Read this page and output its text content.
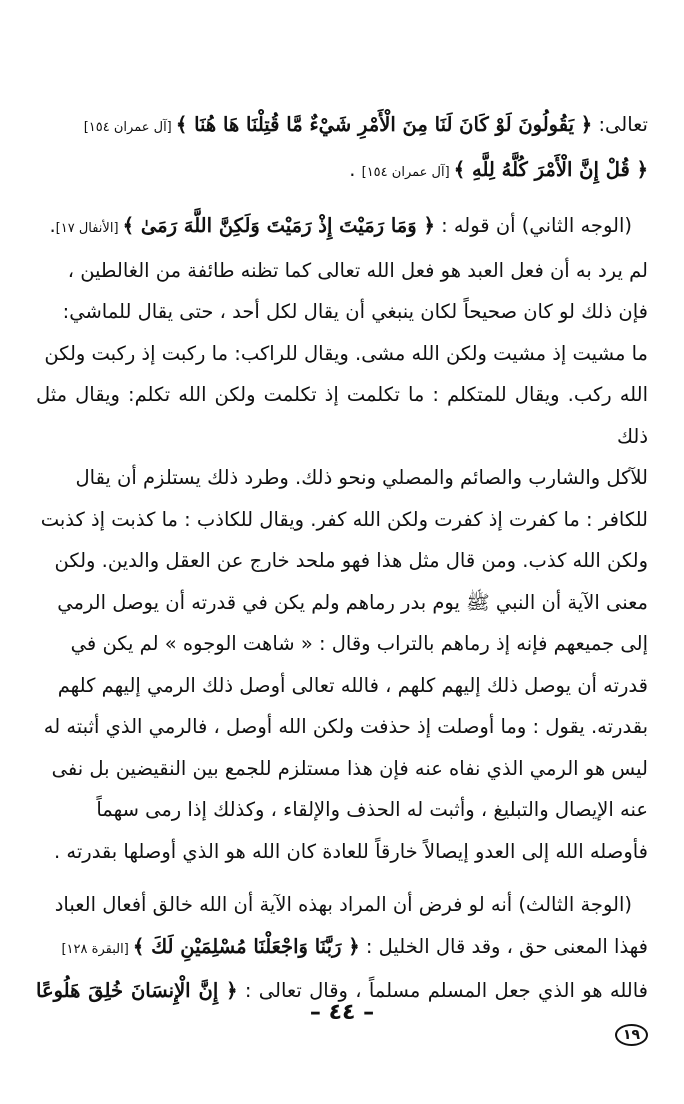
تعالى: ﴿ يَقُولُونَ لَوْ كَانَ لَنَا مِنَ الْأَمْرِ شَيْءٌ مَّا قُتِلْنَا هَا هُنَا ﴾ [آل عمران ١٥٤]

﴿ قُلْ إِنَّ الْأَمْرَ كُلَّهُ لِلَّهِ ﴾ [آل عمران ١٥٤] .

(الوجه الثاني) أن قوله : ﴿ وَمَا رَمَيْتَ إِذْ رَمَيْتَ وَلَكِنَّ اللَّهَ رَمَىٰ ﴾ [الأنفال ١٧].

لم يرد به أن فعل العبد هو فعل الله تعالى كما تظنه طائفة من الغالطين ،

فإن ذلك لو كان صحيحاً لكان ينبغي أن يقال لكل أحد ، حتى يقال للماشي:

ما مشيت إذ مشيت ولكن الله مشى. ويقال للراكب: ما ركبت إذ ركبت ولكن

الله ركب. ويقال للمتكلم : ما تكلمت إذ تكلمت ولكن الله تكلم: ويقال مثل ذلك

للآكل والشارب والصائم والمصلي ونحو ذلك. وطرد ذلك يستلزم أن يقال

للكافر : ما كفرت إذ كفرت ولكن الله كفر. ويقال للكاذب : ما كذبت إذ كذبت

ولكن الله كذب. ومن قال مثل هذا فهو ملحد خارج عن العقل والدين. ولكن

معنى الآية أن النبي ﷺ يوم بدر رماهم ولم يكن في قدرته أن يوصل الرمي

إلى جميعهم فإنه إذ رماهم بالتراب وقال : « شاهت الوجوه » لم يكن في

قدرته أن يوصل ذلك إليهم كلهم ، فالله تعالى أوصل ذلك الرمي إليهم كلهم

بقدرته. يقول : وما أوصلت إذ حذفت ولكن الله أوصل ، فالرمي الذي أثبته له

ليس هو الرمي الذي نفاه عنه فإن هذا مستلزم للجمع بين النقيضين بل نفى

عنه الإيصال والتبليغ ، وأثبت له الحذف والإلقاء ، وكذلك إذا رمى سهماً

فأوصله الله إلى العدو إيصالاً خارقاً للعادة كان الله هو الذي أوصلها بقدرته .

(الوجة الثالث) أنه لو فرض أن المراد بهذه الآية أن الله خالق أفعال العباد

فهذا المعنى حق ، وقد قال الخليل : ﴿ رَبَّنَا وَاجْعَلْنَا مُسْلِمَيْنِ لَكَ ﴾ [البقرة ١٢٨]

فالله هو الذي جعل المسلم مسلماً ، وقال تعالى : ﴿ إِنَّ الْإِنسَانَ خُلِقَ هَلُوعًا ١٩

– ٤٤ –
